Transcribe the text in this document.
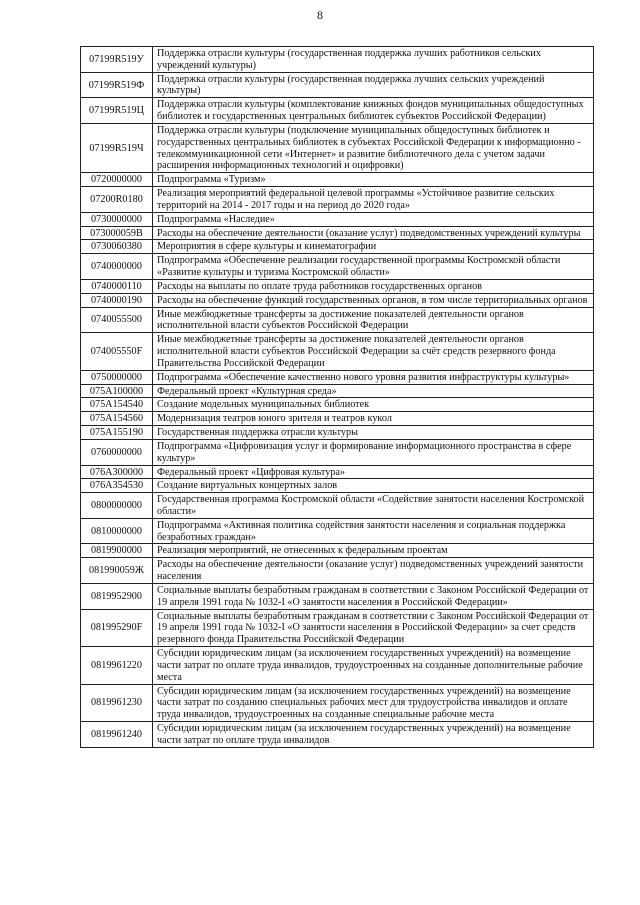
8
07199R519У	Поддержка отрасли культуры (государственная поддержка лучших работников сельских учреждений культуры)
07199R519Ф	Поддержка отрасли культуры (государственная поддержка лучших сельских учреждений культуры)
07199R519Ц	Поддержка отрасли культуры (комплектование книжных фондов муниципальных общедоступных библиотек и государственных центральных библиотек субъектов Российской Федерации)
07199R519Ч	Поддержка отрасли культуры (подключение муниципальных общедоступных библиотек и государственных центральных библиотек в субъектах Российской Федерации к информационно - телекоммуникационной сети «Интернет» и развитие библиотечного дела с учетом задачи расширения информационных технологий и оцифровки)
0720000000	Подпрограмма «Туризм»
07200R0180	Реализация мероприятий федеральной целевой программы «Устойчивое развитие сельских территорий на 2014 - 2017 годы и на период до 2020 года»
0730000000	Подпрограмма «Наследие»
073000059В	Расходы на обеспечение деятельности (оказание услуг) подведомственных учреждений культуры
0730060380	Мероприятия в сфере культуры и кинематографии
0740000000	Подпрограмма «Обеспечение реализации государственной программы Костромской области «Развитие культуры и туризма Костромской области»
0740000110	Расходы на выплаты по оплате труда работников государственных органов
0740000190	Расходы на обеспечение функций государственных органов, в том числе территориальных органов
0740055500	Иные межбюджетные трансферты за достижение показателей деятельности органов исполнительной власти субъектов Российской Федерации
074005550F	Иные межбюджетные трансферты за достижение показателей деятельности органов исполнительной власти субъектов Российской Федерации за счёт средств резервного фонда Правительства Российской Федерации
0750000000	Подпрограмма «Обеспечение качественно нового уровня развития инфраструктуры культуры»
075A100000	Федеральный проект «Культурная среда»
075A154540	Создание модельных муниципальных библиотек
075A154560	Модернизация театров юного зрителя и театров кукол
075A155190	Государственная поддержка отрасли культуры
0760000000	Подпрограмма «Цифровизация услуг и формирование информационного пространства в сфере культур»
076A300000	Федеральный проект «Цифровая культура»
076A354530	Создание виртуальных концертных залов
0800000000	Государственная программа Костромской области «Содействие занятости населения Костромской области»
0810000000	Подпрограмма «Активная политика содействия занятости населения и социальная поддержка безработных граждан»
0819900000	Реализация мероприятий, не отнесенных к федеральным проектам
081990059Ж	Расходы на обеспечение деятельности (оказание услуг) подведомственных учреждений занятости населения
0819952900	Социальные выплаты безработным гражданам в соответствии с Законом Российской Федерации от 19 апреля 1991 года № 1032-I «О занятости населения в Российской Федерации»
081995290F	Социальные выплаты безработным гражданам в соответствии с Законом Российской Федерации от 19 апреля 1991 года № 1032-I «О занятости населения в Российской Федерации» за счет средств резервного фонда Правительства Российской Федерации
0819961220	Субсидии юридическим лицам (за исключением государственных учреждений) на возмещение части затрат по оплате труда инвалидов, трудоустроенных на созданные дополнительные рабочие места
0819961230	Субсидии юридическим лицам (за исключением государственных учреждений) на возмещение части затрат по созданию специальных рабочих мест для трудоустройства инвалидов и оплате труда инвалидов, трудоустроенных на созданные специальные рабочие места
0819961240	Субсидии юридическим лицам (за исключением государственных учреждений) на возмещение части затрат по оплате труда инвалидов
